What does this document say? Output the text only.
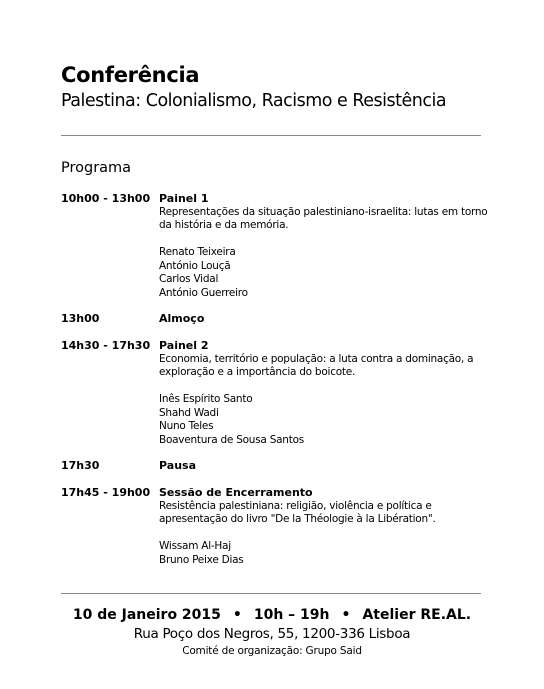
Conferência
Palestina: Colonialismo, Racismo e Resistência
Programa
10h00 - 13h00 Painel 1
Representações da situação palestiniano-israelita: lutas em torno da história e da memória.
Renato Teixeira
António Louçã
Carlos Vidal
António Guerreiro
13h00	Almoço
14h30 - 17h30 Painel 2
Economia, território e população: a luta contra a dominação, a exploração e a importância do boicote.
Inês Espírito Santo
Shahd Wadi
Nuno Teles
Boaventura de Sousa Santos
17h30	Pausa
17h45 - 19h00 Sessão de Encerramento
Resistência palestiniana: religião, violência e política e apresentação do livro "De la Théologie à la Libération".
Wissam Al-Haj
Bruno Peixe Dias
10 de Janeiro 2015 • 10h – 19h • Atelier RE.AL.
Rua Poço dos Negros, 55, 1200-336 Lisboa
Comité de organização: Grupo Said
